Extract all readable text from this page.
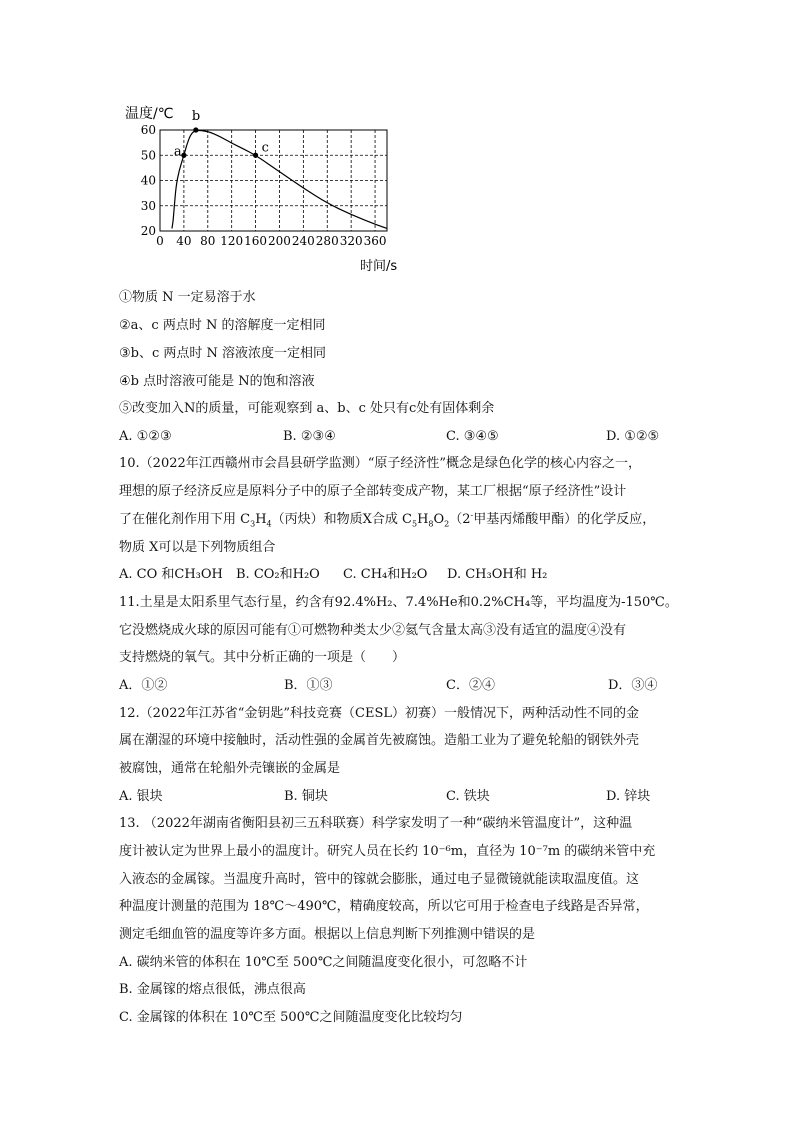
0 40 80 120 160 200 240 280 320 360
20
30
40
50
60
温度/℃
时间/s
a
b
c
①物质 N 一定易溶于水
②a、c 两点时 N 的溶解度一定相同
③b、c 两点时 N 溶液浓度一定相同
④b 点时溶液可能是 N的饱和溶液
⑤改变加入N的质量，可能观察到 a、b、c 处只有c处有固体剩余
A. ①②③	B. ②③④	C. ③④⑤	D. ①②⑤
10.（2022年江西赣州市会昌县研学监测）“原子经济性”概念是绿色化学的核心内容之一，
理想的原子经济反应是原料分子中的原子全部转变成产物，某工厂根据“原子经济性”设计
了在催化剂作用下用 $C_3H_4$（丙炔）和物质X合成 $C_5H_8O_2(2^-$甲基丙烯酸甲酯）的化学反应，
物质 X可以是下列物质组合
A. CO 和CH₃OH B. CO₂和H₂O C. CH₄和H₂O D. CH₃OH和 H₂
11.土星是太阳系里气态行星，约含有92.4%H₂、7.4%He和0.2%CH₄等，平均温度为-150℃。
它没燃烧成火球的原因可能有①可燃物种类太少②氦气含量太高③没有适宜的温度④没有
支持燃烧的氧气。其中分析正确的一项是（　　）
A．①②	B．①③	C．②④	D．③④
12.（2022年江苏省“金钥匙”科技竞赛（CESL）初赛）一般情况下，两种活动性不同的金
属在潮湿的环境中接触时，活动性强的金属首先被腐蚀。造船工业为了避免轮船的钢铁外壳
被腐蚀，通常在轮船外壳镶嵌的金属是
A. 银块	B. 铜块	C. 铁块	D. 锌块
13. （2022年湖南省衡阳县初三五科联赛）科学家发明了一种“碳纳米管温度计”，这种温
度计被认定为世界上最小的温度计。研究人员在长约 10⁻⁶m，直径为 10⁻⁷m 的碳纳米管中充
入液态的金属镓。当温度升高时，管中的镓就会膨胀，通过电子显微镜就能读取温度值。这
种温度计测量的范围为 18℃～490℃，精确度较高，所以它可用于检查电子线路是否异常，
测定毛细血管的温度等许多方面。根据以上信息判断下列推测中错误的是
A. 碳纳米管的体积在 10℃至 500℃之间随温度变化很小，可忽略不计
B. 金属镓的熔点很低，沸点很高
C. 金属镓的体积在 10℃至 500℃之间随温度变化比较均匀
